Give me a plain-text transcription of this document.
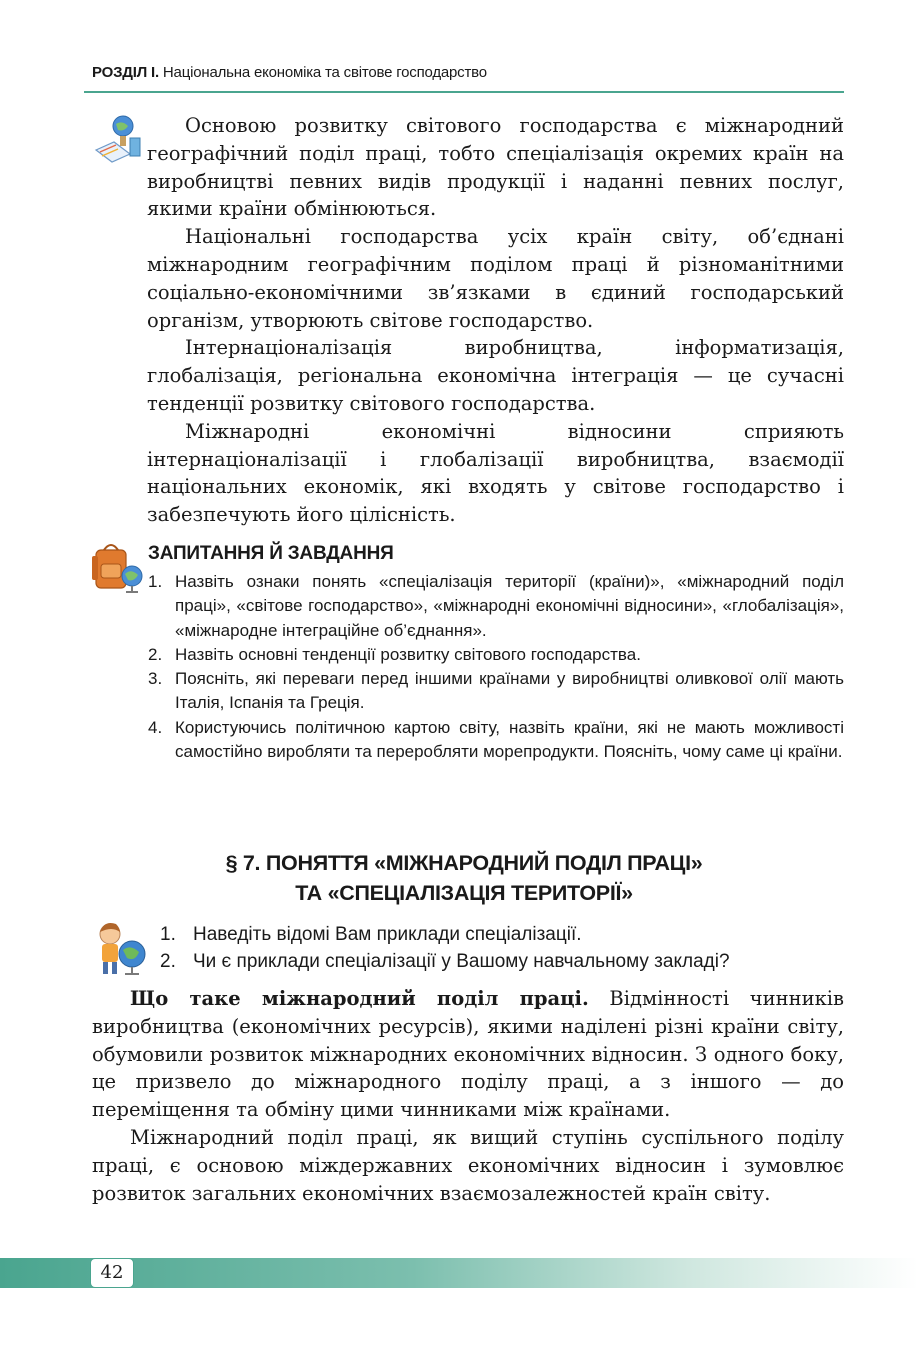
РОЗДІЛ І. Національна економіка та світове господарство

Основою розвитку світового господарства є міжнародний географічний поділ праці, тобто спеціалізація окремих країн на виробництві певних видів продукції і наданні певних послуг, якими країни обмінюються.

Національні господарства усіх країн світу, об’єднані міжнародним географічним поділом праці й різноманітними соціально-економічними зв’язками в єдиний господарський організм, утворюють світове господарство.

Інтернаціоналізація виробництва, інформатизація, глобалізація, регіональна економічна інтеграція — це сучасні тенденції розвитку світового господарства.

Міжнародні економічні відносини сприяють інтернаціоналізації і глобалізації виробництва, взаємодії національних економік, які входять у світове господарство і забезпечують його цілісність.

ЗАПИТАННЯ Й ЗАВДАННЯ
1. Назвіть ознаки понять «спеціалізація території (країни)», «міжнародний поділ праці», «світове господарство», «міжнародні економічні відносини», «глобалізація», «міжнародне інтеграційне об’єднання».
2. Назвіть основні тенденції розвитку світового господарства.
3. Поясніть, які переваги перед іншими країнами у виробництві оливкової олії мають Італія, Іспанія та Греція.
4. Користуючись політичною картою світу, назвіть країни, які не мають можливості самостійно виробляти та переробляти морепродукти. Поясніть, чому саме ці країни.
§ 7. ПОНЯТТЯ «МІЖНАРОДНИЙ ПОДІЛ ПРАЦІ»
ТА «СПЕЦІАЛІЗАЦІЯ ТЕРИТОРІЇ»
1. Наведіть відомі Вам приклади спеціалізації.
2. Чи є приклади спеціалізації у Вашому навчальному закладі?

Що таке міжнародний поділ праці. Відмінності чинників виробництва (економічних ресурсів), якими наділені різні країни світу, обумовили розвиток міжнародних економічних відносин. З одного боку, це призвело до міжнародного поділу праці, а з іншого — до переміщення та обміну цими чинниками між країнами.

Міжнародний поділ праці, як вищий ступінь суспільного поділу праці, є основою міждержавних економічних відносин і зумовлює розвиток загальних економічних взаємозалежностей країн світу.

42
